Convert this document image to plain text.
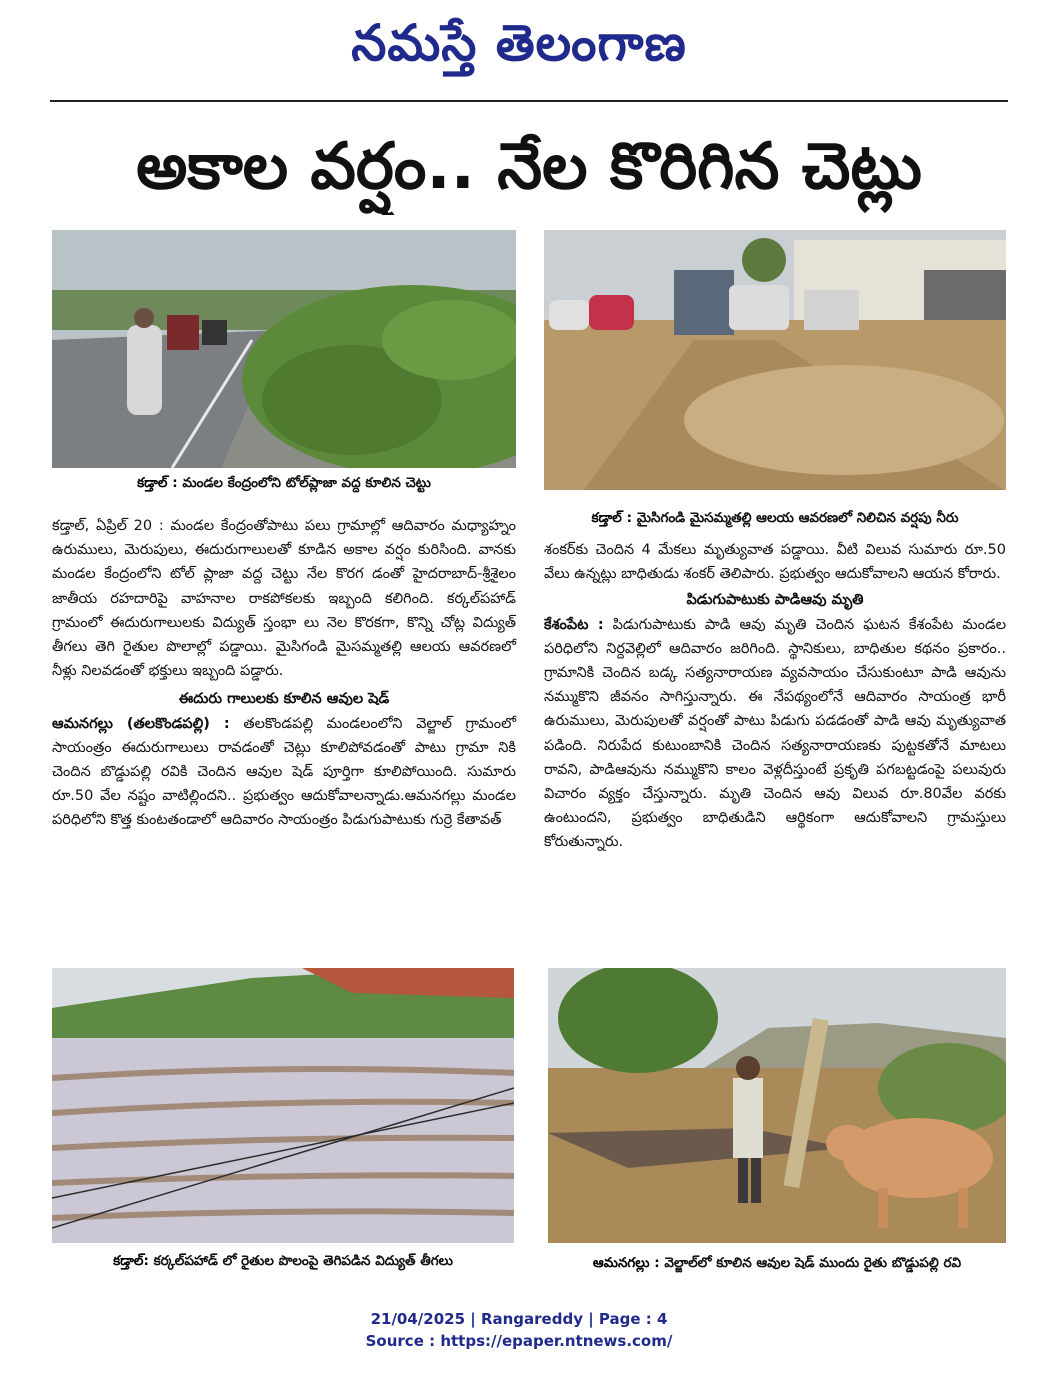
నమస్తే తెలంగాణ
అకాల వర్షం.. నేల కొరిగిన చెట్లు
కడ్తాల్ : మండల కేంద్రంలోని టోల్‌ప్లాజా వద్ద కూలిన చెట్టు
కడ్తాల్ : మైసిగండి మైసమ్మతల్లి ఆలయ ఆవరణలో నిలిచిన వర్షపు నీరు

కడ్తాల్, ఏప్రిల్ 20 : మండల కేంద్రంతోపాటు పలు గ్రామాల్లో ఆదివారం మధ్యాహ్నం ఉరుములు, మెరుపులు, ఈదురుగాలులతో కూడిన అకాల వర్షం కురిసింది. వానకు మండల కేంద్రంలోని టోల్ ప్లాజా వద్ద చెట్టు నేల కొరగ డంతో హైదరాబాద్-శ్రీశైలం జాతీయ రహదారిపై వాహనాల రాకపోకలకు ఇబ్బంది కలిగింది. కర్కల్‌పహాడ్ గ్రామంలో ఈదురుగాలులకు విద్యుత్ స్తంభా లు నెల కొరకగా, కొన్ని చోట్ల విద్యుత్ తీగలు తెగి రైతుల పొలాల్లో పడ్డాయి. మైసిగండి మైసమ్మతల్లి ఆలయ ఆవరణలో నీళ్లు నిలవడంతో భక్తులు ఇబ్బంది పడ్డారు.

ఈదురు గాలులకు కూలిన ఆవుల షెడ్

ఆమనగల్లు (తలకొండపల్లి) : తలకొండపల్లి మండలంలోని వెల్జాల్ గ్రామంలో సాయంత్రం ఈదురుగాలులు రావడంతో చెట్లు కూలిపోవడంతో పాటు గ్రామా నికి చెందిన బొడ్డుపల్లి రవికి చెందిన ఆవుల షెడ్ పూర్తిగా కూలిపోయింది. సుమారు రూ.50 వేల నష్టం వాటిల్లిందని.. ప్రభుత్వం ఆదుకోవాలన్నాడు.ఆమనగల్లు మండల పరిధిలోని కొత్త కుంటతండాలో ఆదివారం సాయంత్రం పిడుగుపాటుకు గుర్రె కేతావత్

శంకర్‌కు చెందిన 4 మేకలు మృత్యువాత పడ్డాయి. వీటి విలువ సుమారు రూ.50 వేలు ఉన్నట్లు బాధితుడు శంకర్ తెలిపారు. ప్రభుత్వం ఆదుకోవాలని ఆయన కోరారు.

పిడుగుపాటుకు పాడిఆవు మృతి

కేశంపేట : పిడుగుపాటుకు పాడి ఆవు మృతి చెందిన ఘటన కేశంపేట మండల పరిధిలోని నిర్దవెల్లిలో ఆదివారం జరిగింది. స్థానికులు, బాధితుల కథనం ప్రకారం.. గ్రామానికి చెందిన బడ్క సత్యనారాయణ వ్యవసాయం చేసుకుంటూ పాడి ఆవును నమ్ముకొని జీవనం సాగిస్తున్నారు. ఈ నేపథ్యంలోనే ఆదివారం సాయంత్ర భారీ ఉరుములు, మెరుపులతో వర్షంతో పాటు పిడుగు పడడంతో పాడి ఆవు మృత్యువాత పడింది. నిరుపేద కుటుంబానికి చెందిన సత్యనారాయణకు పుట్టకతోనే మాటలు రావని, పాడిఆవును నమ్ముకొని కాలం వెళ్లదీస్తుంటే ప్రకృతి పగబట్టడంపై పలువురు విచారం వ్యక్తం చేస్తున్నారు. మృతి చెందిన ఆవు విలువ రూ.80వేల వరకు ఉంటుందని, ప్రభుత్వం బాధితుడిని ఆర్థికంగా ఆదుకోవాలని గ్రామస్తులు కోరుతున్నారు.

కడ్తాల్: కర్కల్‌పహాడ్ లో రైతుల పొలంపై తెగిపడిన విద్యుత్ తీగలు	ఆమనగల్లు : వెల్జాల్‌లో కూలిన ఆవుల షెడ్ ముందు రైతు బొడ్డుపల్లి రవి
21/04/2025 | Rangareddy | Page : 4
Source : https://epaper.ntnews.com/
